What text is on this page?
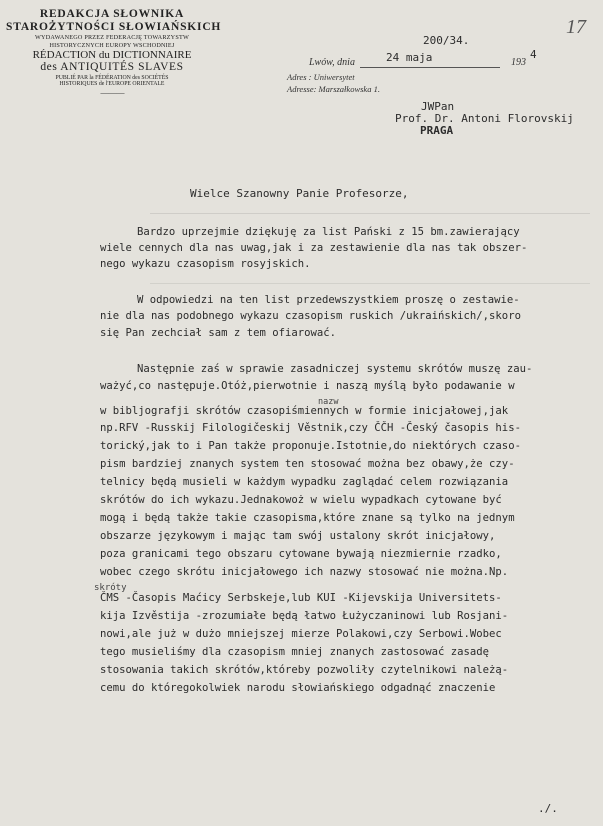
REDAKCJA SŁOWNIKA
STAROŻYTNOŚCI SŁOWIAŃSKICH
WYDAWANEGO PRZEZ FEDERACJĘ TOWARZYSTW
HISTORYCZNYCH EUROPY WSCHODNIEJ
RÉDACTION du DICTIONNAIRE
des ANTIQUITÉS SLAVES
PUBLIÉ PAR la FÉDÉRATION des SOCIÉTÉS
HISTORIQUES de l'EUROPE ORIENTALE
— — —
200/34.
Lwów, dnia	24 maja	193
4
Adres : Uniwersytet
Adresse: Marszałkowska 1.
17
JWPan
Prof. Dr. Antoni Florovskij
PRAGA
Wielce Szanowny Panie Profesorze,
Bardzo uprzejmie dziękuję za list Pański z 15 bm.zawierający
wiele cennych dla nas uwag,jak i za zestawienie dla nas tak obszer-
nego wykazu czasopism rosyjskich.
W odpowiedzi na ten list przedewszystkiem proszę o zestawie-
nie dla nas podobnego wykazu czasopism ruskich /ukraińskich/,skoro
się Pan zechciał sam z tem ofiarować.
Następnie zaś w sprawie zasadniczej systemu skrótów muszę zau-
ważyć,co następuje.Otóż,pierwotnie i naszą myślą było podawanie w
nazw
w bibljografji skrótów czasopiśmiennych w formie inicjałowej,jak
np.RFV -Russkij Filologičeskij Věstnik,czy ČČH -Český časopis his-
torický,jak to i Pan także proponuje.Istotnie,do niektórych czaso-
pism bardziej znanych system ten stosować można bez obawy,że czy-
telnicy będą musieli w każdym wypadku zaglądać celem rozwiązania
skrótów do ich wykazu.Jednakowoż w wielu wypadkach cytowane być
mogą i będą także takie czasopisma,które znane są tylko na jednym
obszarze językowym i mając tam swój ustalony skrót inicjałowy,
poza granicami tego obszaru cytowane bywają niezmiernie rzadko,
wobec czego skrótu inicjałowego ich nazwy stosować nie można.Np.
skróty
ČMS -Časopis Maćicy Serbskeje,lub KUI -Kijevskija Universitets-
kija Izvěstija -zrozumiałe będą łatwo Łużyczaninowi lub Rosjani-
nowi,ale już w dużo mniejszej mierze Polakowi,czy Serbowi.Wobec
tego musieliśmy dla czasopism mniej znanych zastosować zasadę
stosowania takich skrótów,któreby pozwoliły czytelnikowi należą-
cemu do któregokolwiek narodu słowiańskiego odgadnąć znaczenie
./.
